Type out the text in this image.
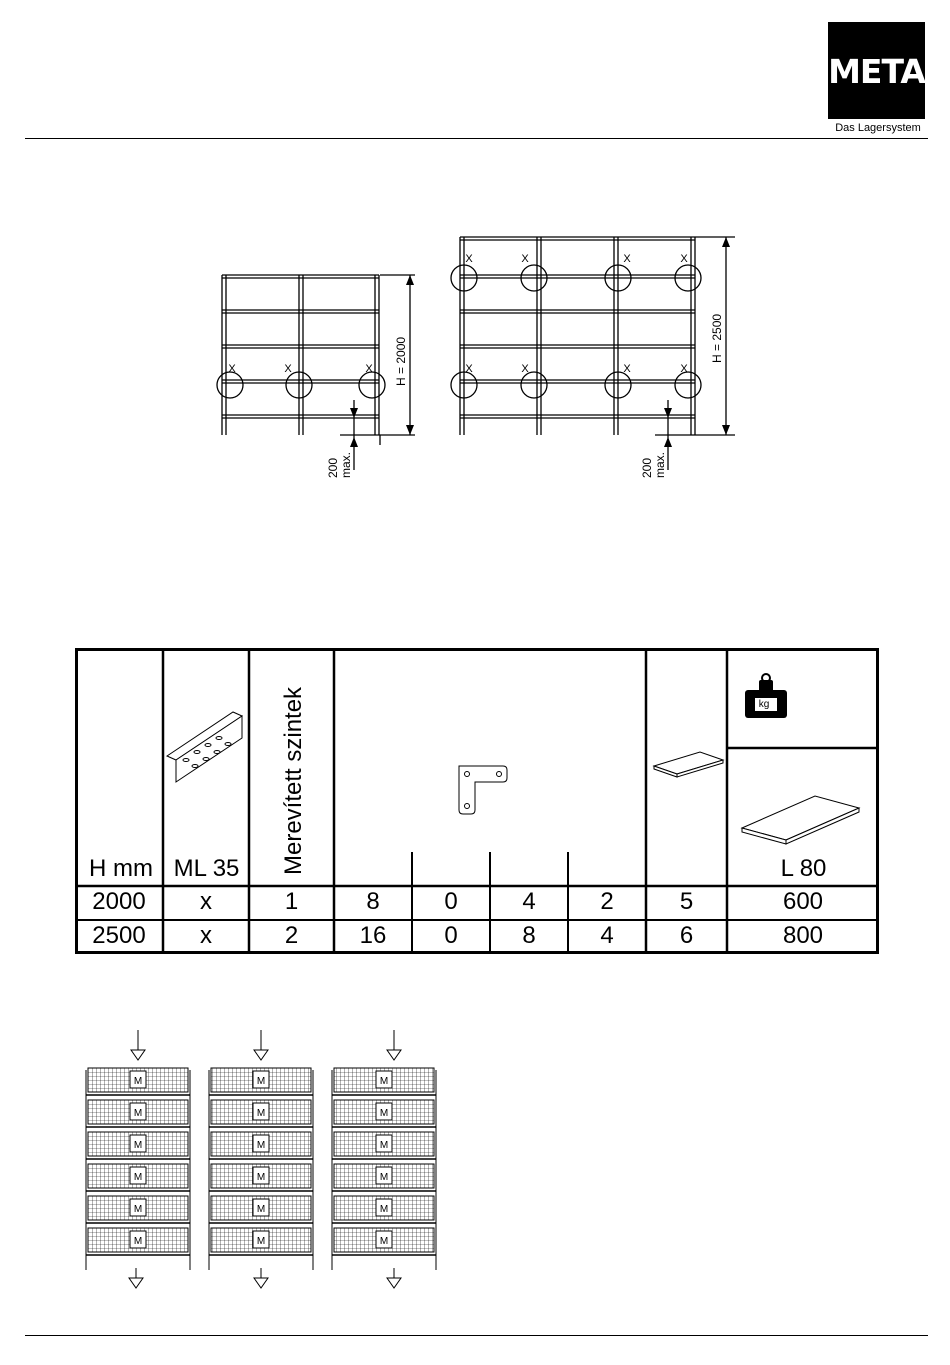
META
Das Lagersystem
X	X	X
X	X	X	X
X	X	X	X
H = 2000
200 max.
H = 2500
200 max.
H mm ML 35	Merevített szintek	kg
L 80
2000	x	1	8	0	4	2	5	600
2500	x	2	16	0	8	4	6	800
M
M
M
M
M
M
M
M
M
M
M
M
M
M
M
M
M
M
